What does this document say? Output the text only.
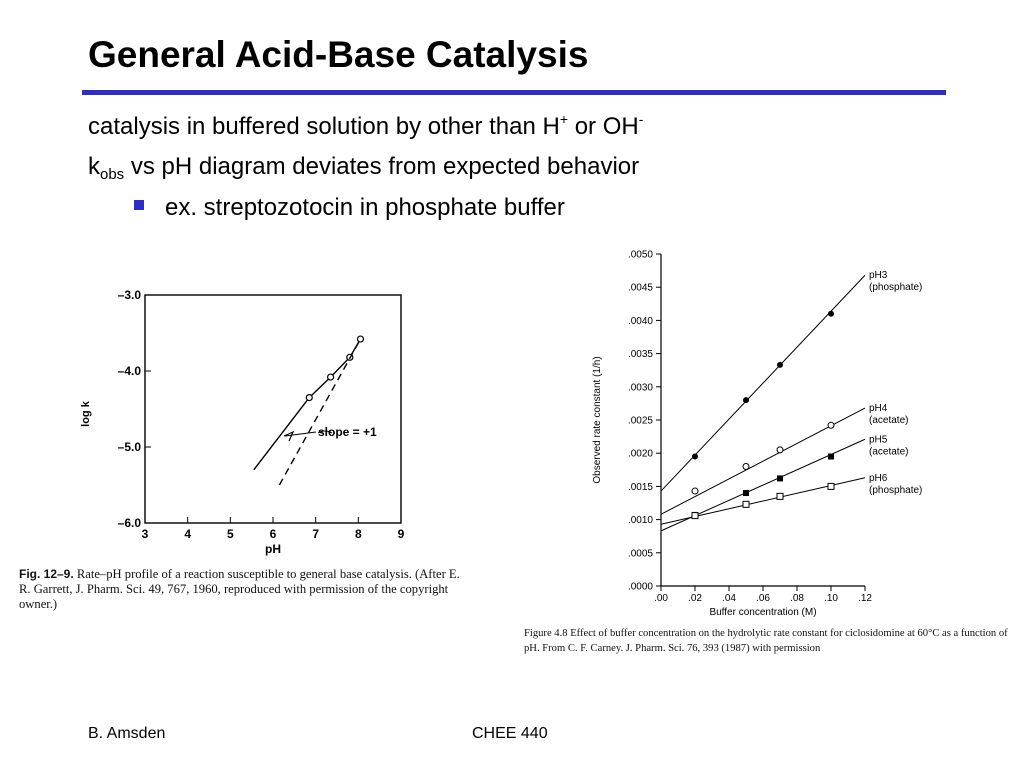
General Acid-Base Catalysis
catalysis in buffered solution by other than H+ or OH-
$k_{obs}$ vs pH diagram deviates from expected behavior
ex. streptozotocin in phosphate buffer
–3.0
–4.0
–5.0
–6.0
3	4	5	6	7	8	9
slope = +1
log k
pH
Fig. 12–9. Rate–pH profile of a reaction susceptible to general base catalysis. (After E. R. Garrett, J. Pharm. Sci. 49, 767, 1960, reproduced with permission of the copyright owner.)
.0000
.0005
.0010
.0015
.0020
.0025
.0030
.0035
.0040
.0045
.0050
.00 .02 .04 .06 .08 .10 .12
pH3
(phosphate)
pH4
(acetate)
pH5
(acetate)
pH6
(phosphate)
Observed rate constant (1/h)
Buffer concentration (M)
Figure 4.8 Effect of buffer concentration on the hydrolytic rate constant for ciclosidomine at 60°C as a function of pH. From C. F. Carney. J. Pharm. Sci. 76, 393 (1987) with permission
B. Amsden	CHEE 440
